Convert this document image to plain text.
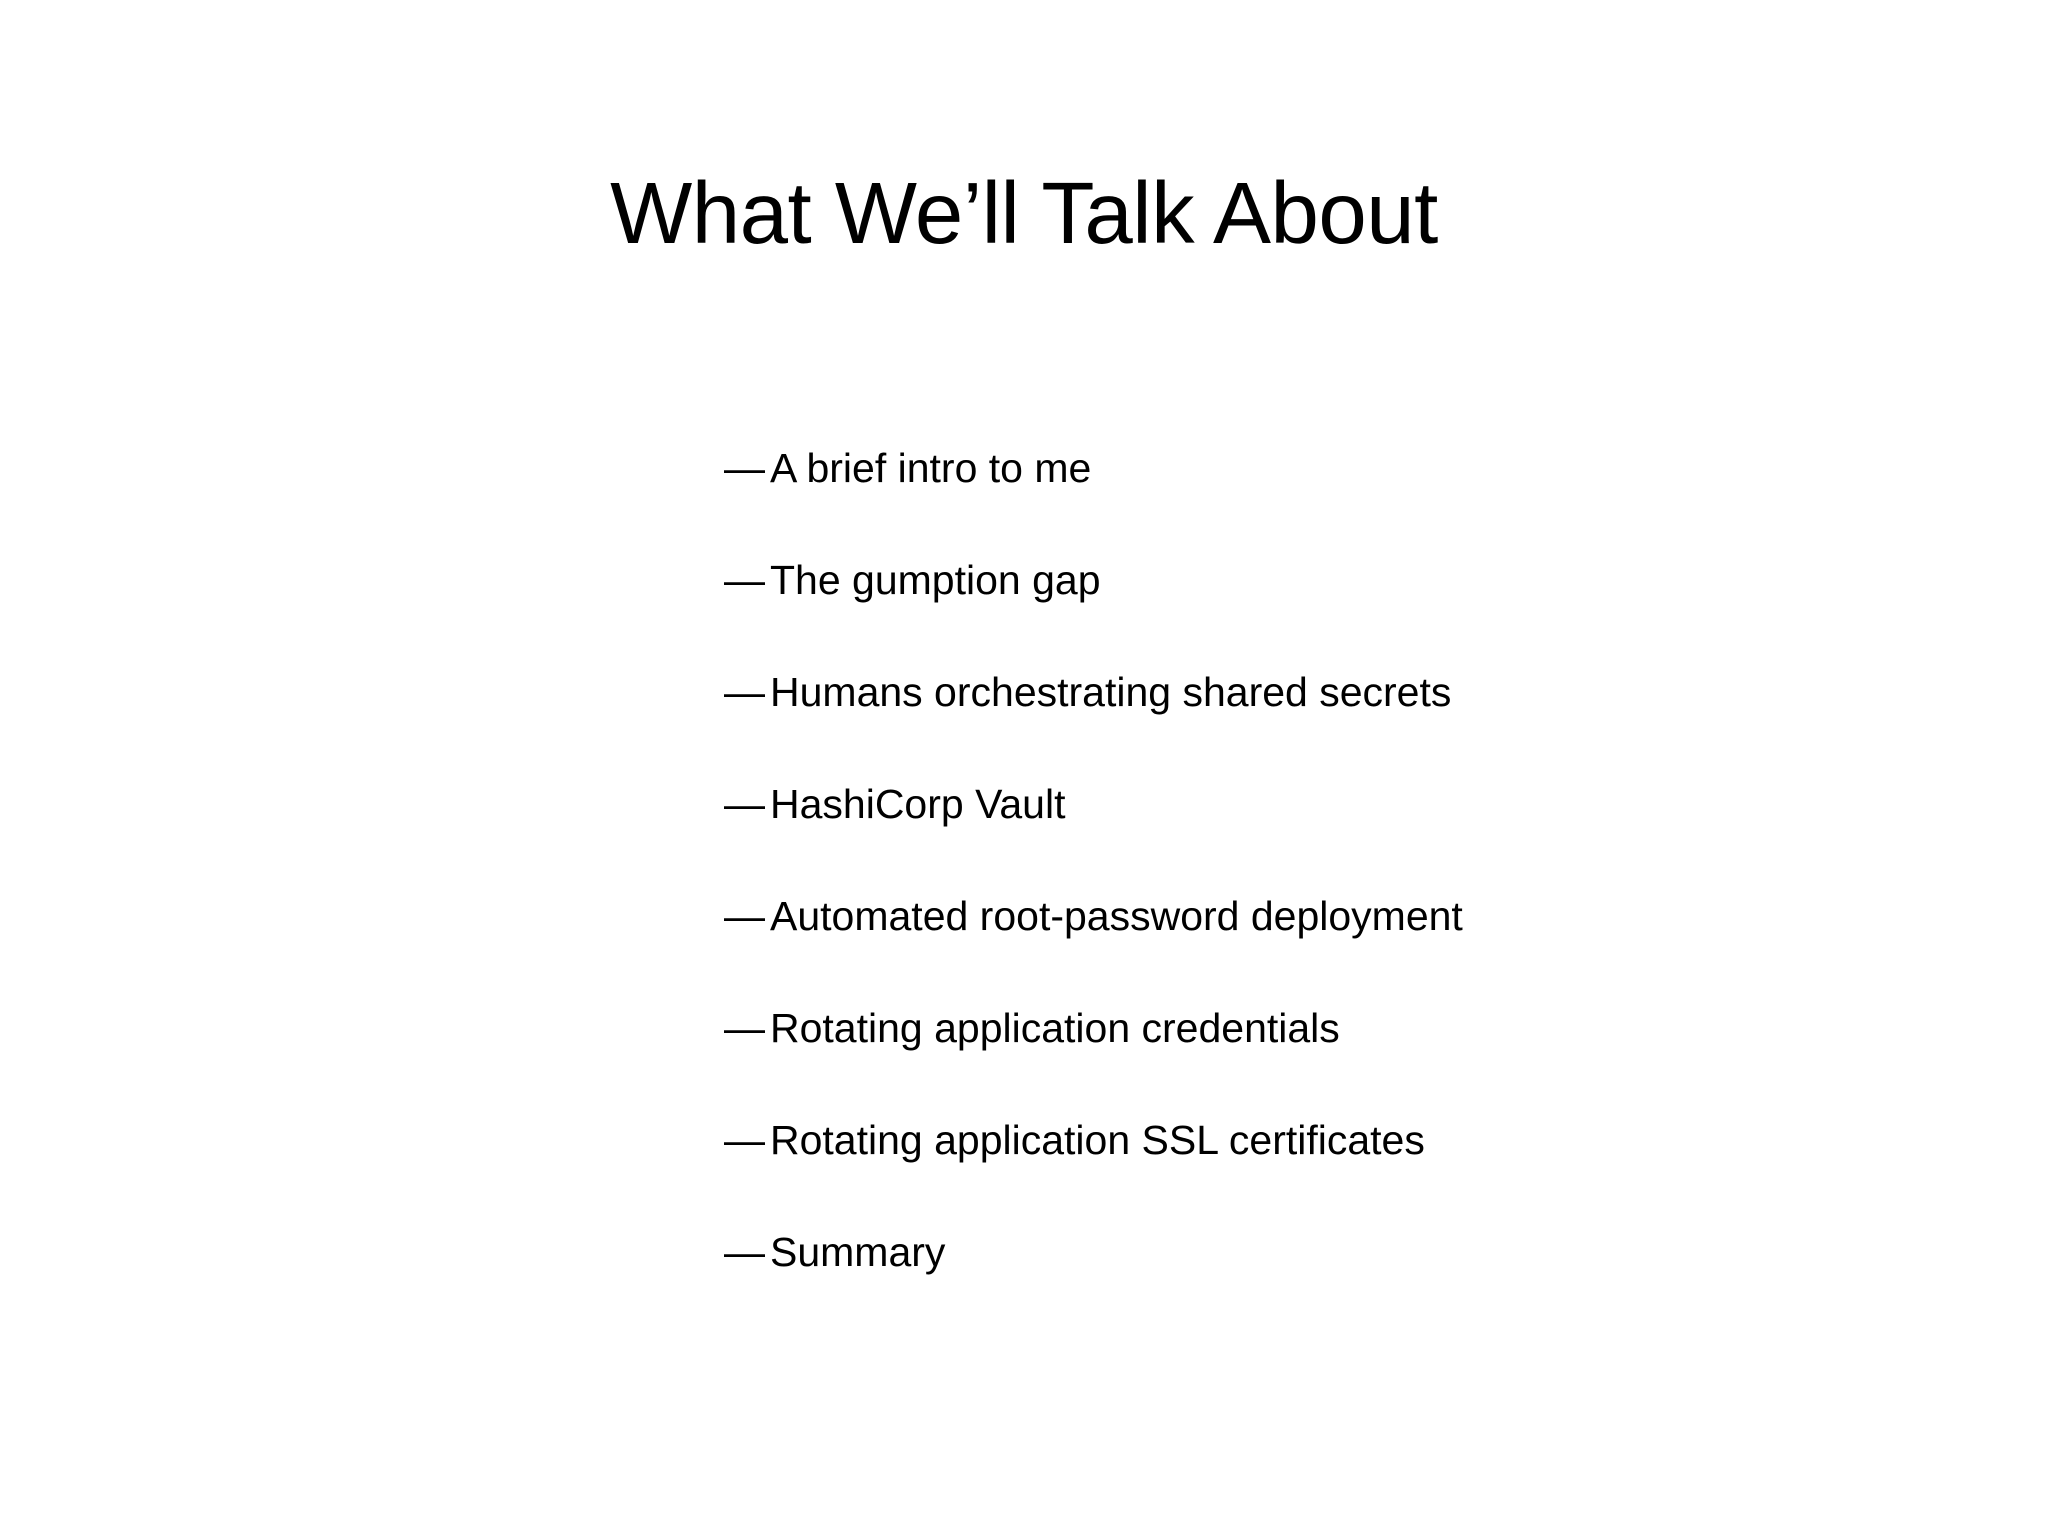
What We’ll Talk About
— A brief intro to me
— The gumption gap
— Humans orchestrating shared secrets
— HashiCorp Vault
— Automated root-password deployment
— Rotating application credentials
— Rotating application SSL certificates
— Summary
